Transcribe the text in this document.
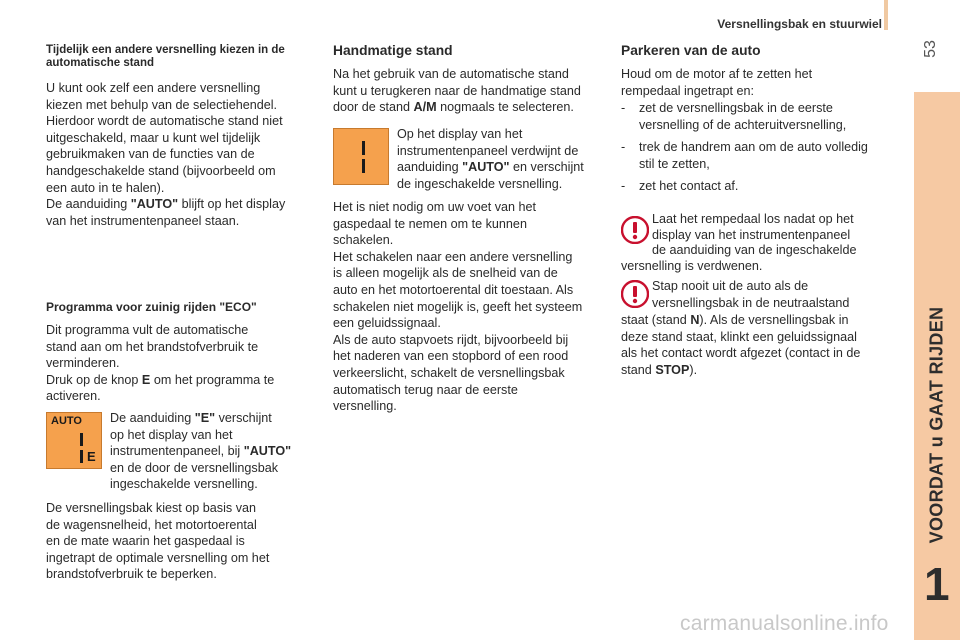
Versnellingsbak en stuurwiel
53
VOORDAT u GAAT RIJDEN
1
Tijdelijk een andere versnelling kiezen in de automatische stand

U kunt ook zelf een andere versnelling

kiezen met behulp van de selectiehendel.

Hierdoor wordt de automatische stand niet

uitgeschakeld, maar u kunt wel tijdelijk

gebruikmaken van de functies van de

handgeschakelde stand (bijvoorbeeld om

een auto in te halen).

De aanduiding "AUTO" blijft op het display

van het instrumentenpaneel staan.

Programma voor zuinig rijden "ECO"

Dit programma vult de automatische

stand aan om het brandstofverbruik te

verminderen.

Druk op de knop E om het programma te

activeren.

AUTO
E

De aanduiding "E" verschijnt

op het display van het

instrumentenpaneel, bij "AUTO"

en de door de versnellingsbak

ingeschakelde versnelling.

De versnellingsbak kiest op basis van

de wagensnelheid, het motortoerental

en de mate waarin het gaspedaal is

ingetrapt de optimale versnelling om het

brandstofverbruik te beperken.

Handmatige stand

Na het gebruik van de automatische stand

kunt u terugkeren naar de handmatige stand

door de stand A/M nogmaals te selecteren.

Op het display van het

instrumentenpaneel verdwijnt de

aanduiding "AUTO" en verschijnt

de ingeschakelde versnelling.

Het is niet nodig om uw voet van het

gaspedaal te nemen om te kunnen

schakelen.

Het schakelen naar een andere versnelling

is alleen mogelijk als de snelheid van de

auto en het motortoerental dit toestaan. Als

schakelen niet mogelijk is, geeft het systeem

een geluidssignaal.

Als de auto stapvoets rijdt, bijvoorbeeld bij

het naderen van een stopbord of een rood

verkeerslicht, schakelt de versnellingsbak

automatisch terug naar de eerste

versnelling.

Parkeren van de auto

Houd om de motor af te zetten het

rempedaal ingetrapt en:

- zet de versnellingsbak in de eerste

versnelling of de achteruitversnelling,

- trek de handrem aan om de auto volledig

stil te zetten,

- zet het contact af.

Laat het rempedaal los nadat op het

display van het instrumentenpaneel

de aanduiding van de ingeschakelde

versnelling is verdwenen.

Stap nooit uit de auto als de

versnellingsbak in de neutraalstand

staat (stand N). Als de versnellingsbak in

deze stand staat, klinkt een geluidssignaal

als het contact wordt afgezet (contact in de

stand STOP).

carmanualsonline.info
